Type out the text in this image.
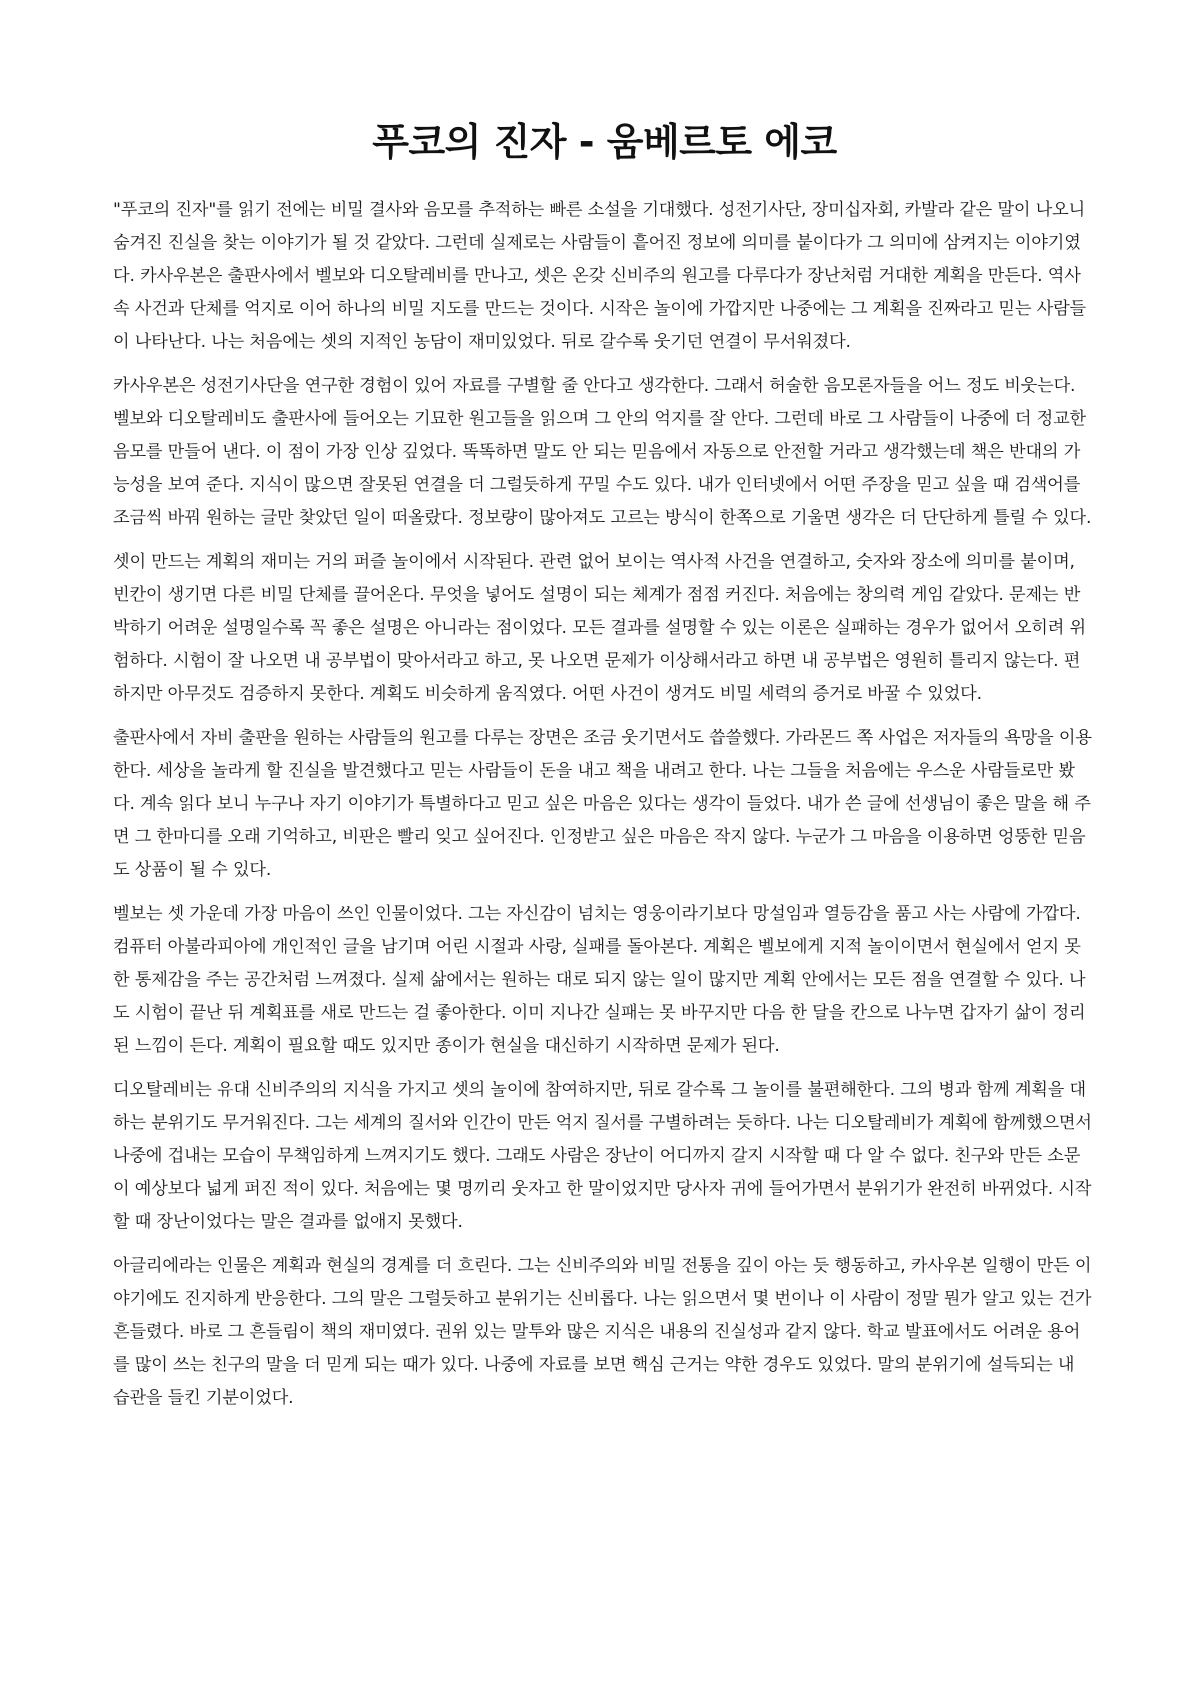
푸코의 진자 - 움베르토 에코

"푸코의 진자"를 읽기 전에는 비밀 결사와 음모를 추적하는 빠른 소설을 기대했다. 성전기사단, 장미십자회, 카발라 같은 말이 나오니 숨겨진 진실을 찾는 이야기가 될 것 같았다. 그런데 실제로는 사람들이 흩어진 정보에 의미를 붙이다가 그 의미에 삼켜지는 이야기였다. 카사우본은 출판사에서 벨보와 디오탈레비를 만나고, 셋은 온갖 신비주의 원고를 다루다가 장난처럼 거대한 계획을 만든다. 역사 속 사건과 단체를 억지로 이어 하나의 비밀 지도를 만드는 것이다. 시작은 놀이에 가깝지만 나중에는 그 계획을 진짜라고 믿는 사람들이 나타난다. 나는 처음에는 셋의 지적인 농담이 재미있었다. 뒤로 갈수록 웃기던 연결이 무서워졌다.

카사우본은 성전기사단을 연구한 경험이 있어 자료를 구별할 줄 안다고 생각한다. 그래서 허술한 음모론자들을 어느 정도 비웃는다. 벨보와 디오탈레비도 출판사에 들어오는 기묘한 원고들을 읽으며 그 안의 억지를 잘 안다. 그런데 바로 그 사람들이 나중에 더 정교한 음모를 만들어 낸다. 이 점이 가장 인상 깊었다. 똑똑하면 말도 안 되는 믿음에서 자동으로 안전할 거라고 생각했는데 책은 반대의 가능성을 보여 준다. 지식이 많으면 잘못된 연결을 더 그럴듯하게 꾸밀 수도 있다. 내가 인터넷에서 어떤 주장을 믿고 싶을 때 검색어를 조금씩 바꿔 원하는 글만 찾았던 일이 떠올랐다. 정보량이 많아져도 고르는 방식이 한쪽으로 기울면 생각은 더 단단하게 틀릴 수 있다.

셋이 만드는 계획의 재미는 거의 퍼즐 놀이에서 시작된다. 관련 없어 보이는 역사적 사건을 연결하고, 숫자와 장소에 의미를 붙이며, 빈칸이 생기면 다른 비밀 단체를 끌어온다. 무엇을 넣어도 설명이 되는 체계가 점점 커진다. 처음에는 창의력 게임 같았다. 문제는 반박하기 어려운 설명일수록 꼭 좋은 설명은 아니라는 점이었다. 모든 결과를 설명할 수 있는 이론은 실패하는 경우가 없어서 오히려 위험하다. 시험이 잘 나오면 내 공부법이 맞아서라고 하고, 못 나오면 문제가 이상해서라고 하면 내 공부법은 영원히 틀리지 않는다. 편하지만 아무것도 검증하지 못한다. 계획도 비슷하게 움직였다. 어떤 사건이 생겨도 비밀 세력의 증거로 바꿀 수 있었다.

출판사에서 자비 출판을 원하는 사람들의 원고를 다루는 장면은 조금 웃기면서도 씁쓸했다. 가라몬드 쪽 사업은 저자들의 욕망을 이용한다. 세상을 놀라게 할 진실을 발견했다고 믿는 사람들이 돈을 내고 책을 내려고 한다. 나는 그들을 처음에는 우스운 사람들로만 봤다. 계속 읽다 보니 누구나 자기 이야기가 특별하다고 믿고 싶은 마음은 있다는 생각이 들었다. 내가 쓴 글에 선생님이 좋은 말을 해 주면 그 한마디를 오래 기억하고, 비판은 빨리 잊고 싶어진다. 인정받고 싶은 마음은 작지 않다. 누군가 그 마음을 이용하면 엉뚱한 믿음도 상품이 될 수 있다.

벨보는 셋 가운데 가장 마음이 쓰인 인물이었다. 그는 자신감이 넘치는 영웅이라기보다 망설임과 열등감을 품고 사는 사람에 가깝다. 컴퓨터 아불라피아에 개인적인 글을 남기며 어린 시절과 사랑, 실패를 돌아본다. 계획은 벨보에게 지적 놀이이면서 현실에서 얻지 못한 통제감을 주는 공간처럼 느껴졌다. 실제 삶에서는 원하는 대로 되지 않는 일이 많지만 계획 안에서는 모든 점을 연결할 수 있다. 나도 시험이 끝난 뒤 계획표를 새로 만드는 걸 좋아한다. 이미 지나간 실패는 못 바꾸지만 다음 한 달을 칸으로 나누면 갑자기 삶이 정리된 느낌이 든다. 계획이 필요할 때도 있지만 종이가 현실을 대신하기 시작하면 문제가 된다.

디오탈레비는 유대 신비주의의 지식을 가지고 셋의 놀이에 참여하지만, 뒤로 갈수록 그 놀이를 불편해한다. 그의 병과 함께 계획을 대하는 분위기도 무거워진다. 그는 세계의 질서와 인간이 만든 억지 질서를 구별하려는 듯하다. 나는 디오탈레비가 계획에 함께했으면서 나중에 겁내는 모습이 무책임하게 느껴지기도 했다. 그래도 사람은 장난이 어디까지 갈지 시작할 때 다 알 수 없다. 친구와 만든 소문이 예상보다 넓게 퍼진 적이 있다. 처음에는 몇 명끼리 웃자고 한 말이었지만 당사자 귀에 들어가면서 분위기가 완전히 바뀌었다. 시작할 때 장난이었다는 말은 결과를 없애지 못했다.

아글리에라는 인물은 계획과 현실의 경계를 더 흐린다. 그는 신비주의와 비밀 전통을 깊이 아는 듯 행동하고, 카사우본 일행이 만든 이야기에도 진지하게 반응한다. 그의 말은 그럴듯하고 분위기는 신비롭다. 나는 읽으면서 몇 번이나 이 사람이 정말 뭔가 알고 있는 건가 흔들렸다. 바로 그 흔들림이 책의 재미였다. 권위 있는 말투와 많은 지식은 내용의 진실성과 같지 않다. 학교 발표에서도 어려운 용어를 많이 쓰는 친구의 말을 더 믿게 되는 때가 있다. 나중에 자료를 보면 핵심 근거는 약한 경우도 있었다. 말의 분위기에 설득되는 내 습관을 들킨 기분이었다.
